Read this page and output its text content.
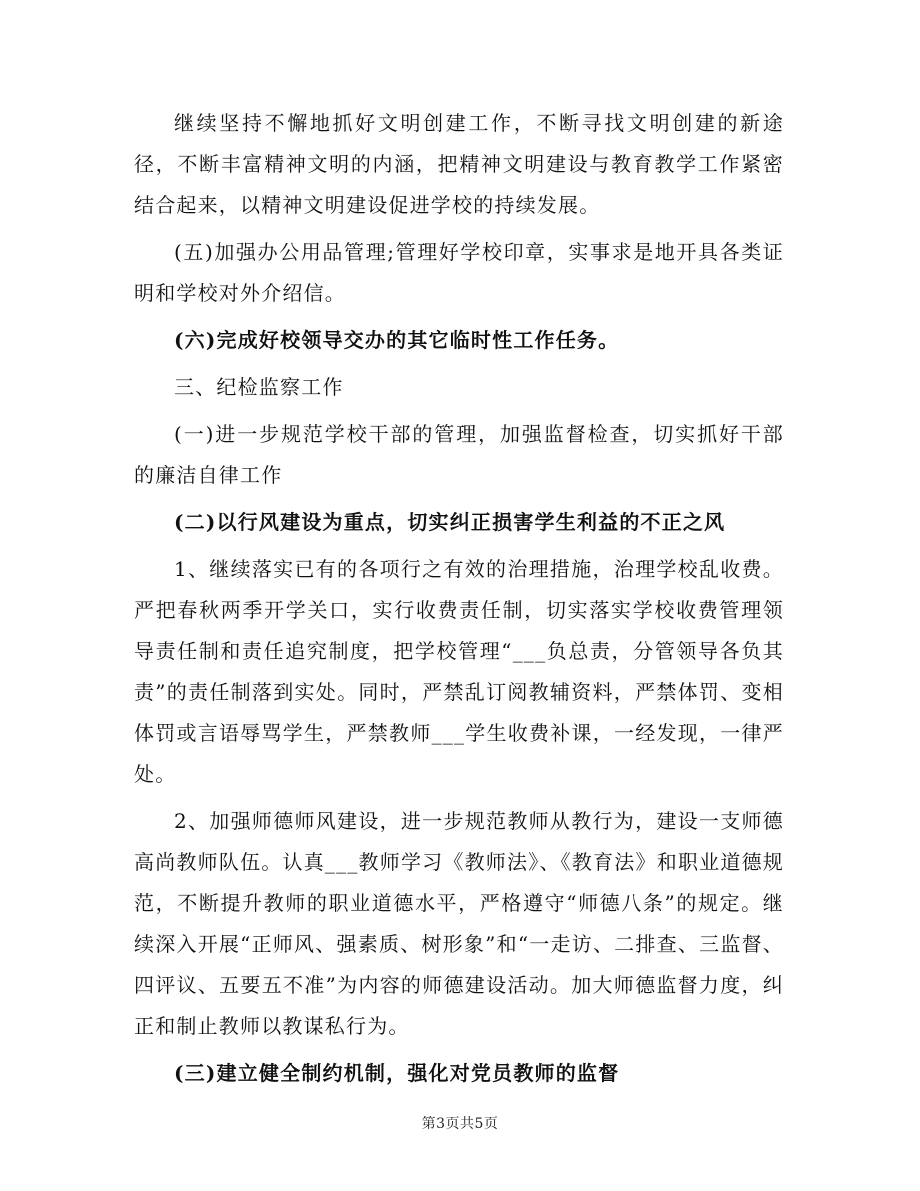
继续坚持不懈地抓好文明创建工作，不断寻找文明创建的新途径，不断丰富精神文明的内涵，把精神文明建设与教育教学工作紧密结合起来，以精神文明建设促进学校的持续发展。

(五)加强办公用品管理;管理好学校印章，实事求是地开具各类证明和学校对外介绍信。

(六)完成好校领导交办的其它临时性工作任务。

三、纪检监察工作

(一)进一步规范学校干部的管理，加强监督检查，切实抓好干部的廉洁自律工作

(二)以行风建设为重点，切实纠正损害学生利益的不正之风

1、继续落实已有的各项行之有效的治理措施，治理学校乱收费。严把春秋两季开学关口，实行收费责任制，切实落实学校收费管理领导责任制和责任追究制度，把学校管理“___负总责，分管领导各负其责”的责任制落到实处。同时，严禁乱订阅教辅资料，严禁体罚、变相体罚或言语辱骂学生，严禁教师___学生收费补课，一经发现，一律严处。

2、加强师德师风建设，进一步规范教师从教行为，建设一支师德高尚教师队伍。认真___教师学习《教师法》、《教育法》和职业道德规范，不断提升教师的职业道德水平，严格遵守“师德八条”的规定。继续深入开展“正师风、强素质、树形象”和“一走访、二排查、三监督、四评议、五要五不准”为内容的师德建设活动。加大师德监督力度，纠正和制止教师以教谋私行为。

(三)建立健全制约机制，强化对党员教师的监督

第3页共5页
